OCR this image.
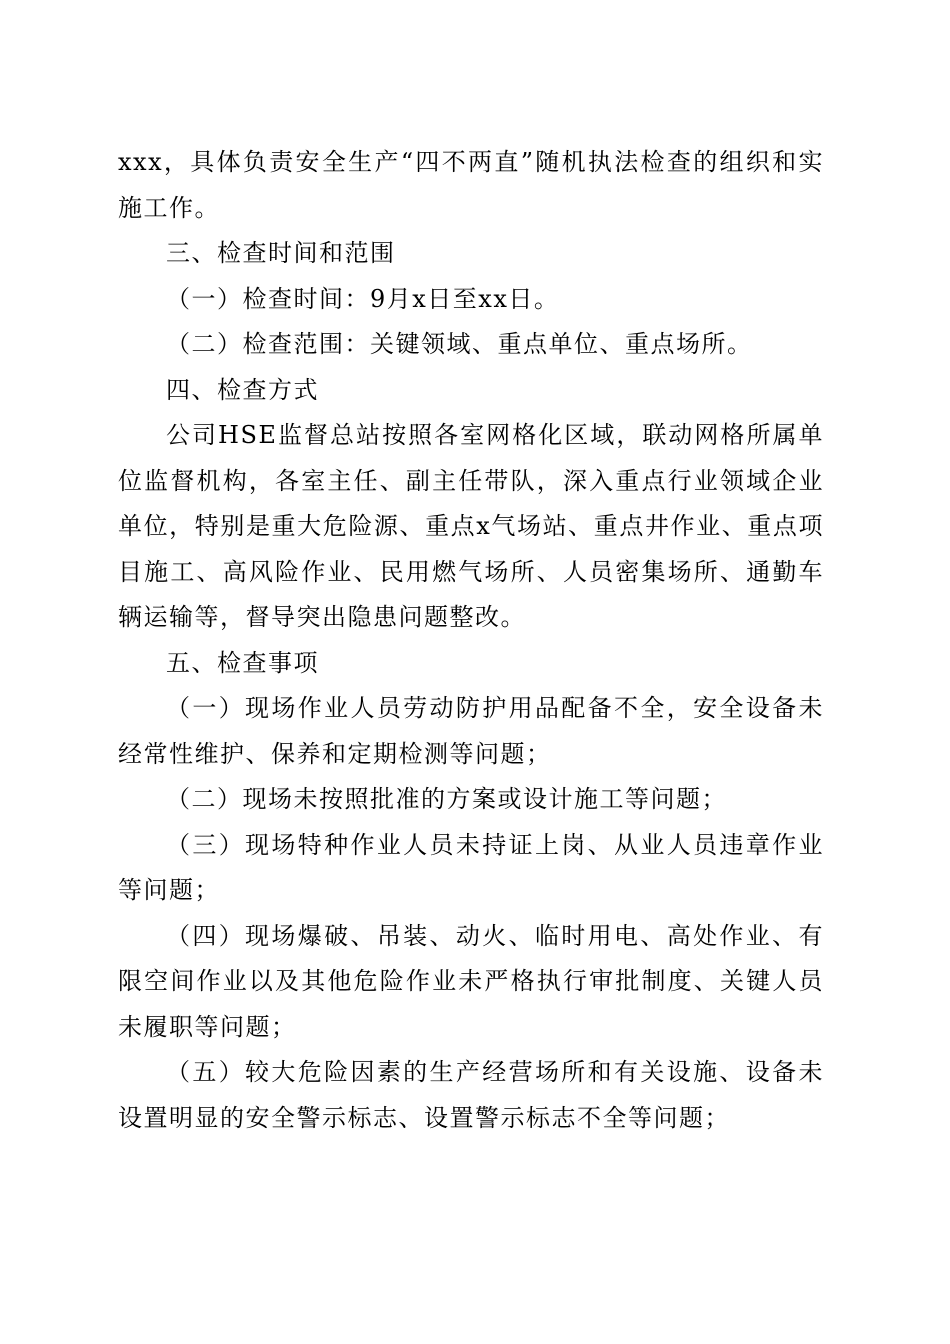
xxx，具体负责安全生产“四不两直”随机执法检查的组织和实施工作。

三、检查时间和范围

（一）检查时间：9月x日至xx日。

（二）检查范围：关键领域、重点单位、重点场所。

四、检查方式

公司HSE监督总站按照各室网格化区域，联动网格所属单位监督机构，各室主任、副主任带队，深入重点行业领域企业单位，特别是重大危险源、重点x气场站、重点井作业、重点项目施工、高风险作业、民用燃气场所、人员密集场所、通勤车辆运输等，督导突出隐患问题整改。

五、检查事项

（一）现场作业人员劳动防护用品配备不全，安全设备未经常性维护、保养和定期检测等问题；

（二）现场未按照批准的方案或设计施工等问题；

（三）现场特种作业人员未持证上岗、从业人员违章作业等问题；

（四）现场爆破、吊装、动火、临时用电、高处作业、有限空间作业以及其他危险作业未严格执行审批制度、关键人员未履职等问题；

（五）较大危险因素的生产经营场所和有关设施、设备未设置明显的安全警示标志、设置警示标志不全等问题；
